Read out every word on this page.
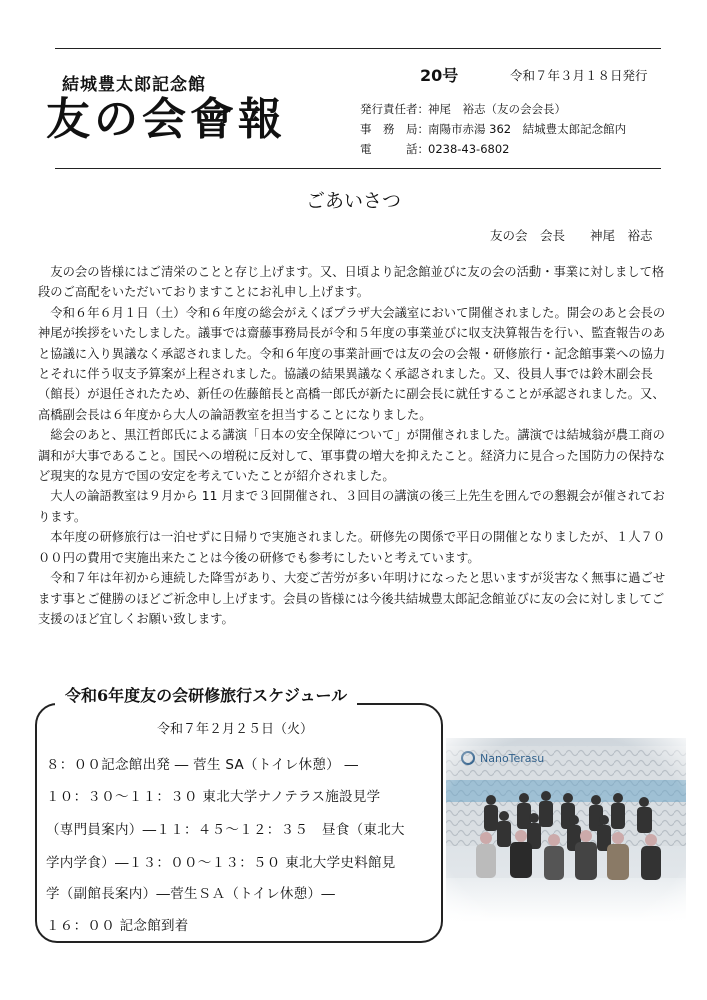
結城豊太郎記念館
友の会會報
20号	令和７年３月１８日発行
発行責任者：神尾　裕志（友の会会長）
事　務　局：南陽市赤湯 362　結城豊太郎記念館内
電　　　話：0238-43-6802
ごあいさつ
友の会　会長　　神尾　裕志

友の会の皆様にはご清栄のことと存じ上げます。又、日頃より記念館並びに友の会の活動・事業に対しまして格段のご高配をいただいておりますことにお礼申し上げます。

令和６年６月１日（土）令和６年度の総会がえくぼプラザ大会議室において開催されました。開会のあと会長の神尾が挨拶をいたしました。議事では齋藤事務局長が令和５年度の事業並びに収支決算報告を行い、監査報告のあと協議に入り異議なく承認されました。令和６年度の事業計画では友の会の会報・研修旅行・記念館事業への協力とそれに伴う収支予算案が上程されました。協議の結果異議なく承認されました。又、役員人事では鈴木副会長（館長）が退任されたため、新任の佐藤館長と高橋一郎氏が新たに副会長に就任することが承認されました。又、高橋副会長は６年度から大人の論語教室を担当することになりました。

総会のあと、黒江哲郎氏による講演「日本の安全保障について」が開催されました。講演では結城翁が農工商の調和が大事であること。国民への増税に反対して、軍事費の増大を抑えたこと。経済力に見合った国防力の保持など現実的な見方で国の安定を考えていたことが紹介されました。

大人の論語教室は９月から 11 月まで３回開催され、３回目の講演の後三上先生を囲んでの懇親会が催されております。

本年度の研修旅行は一泊せずに日帰りで実施されました。研修先の関係で平日の開催となりましたが、１人７０００円の費用で実施出来たことは今後の研修でも参考にしたいと考えています。

令和７年は年初から連続した降雪があり、大変ご苦労が多い年明けになったと思いますが災害なく無事に過ごせます事とご健勝のほどご祈念申し上げます。会員の皆様には今後共結城豊太郎記念館並びに友の会に対しましてご支援のほど宜しくお願い致します。

令和6年度友の会研修旅行スケジュール
令和７年２月２５日（火）
８：００記念館出発 ― 菅生 SA（トイレ休憩） ―
１０：３０～１１：３０ 東北大学ナノテラス施設見学
（専門員案内）―１１：４５～１２：３５　昼食（東北大
学内学食）―１３：００～１３：５０ 東北大学史料館見
学（副館長案内）―菅生ＳＡ（トイレ休憩）―
１６：００ 記念館到着
